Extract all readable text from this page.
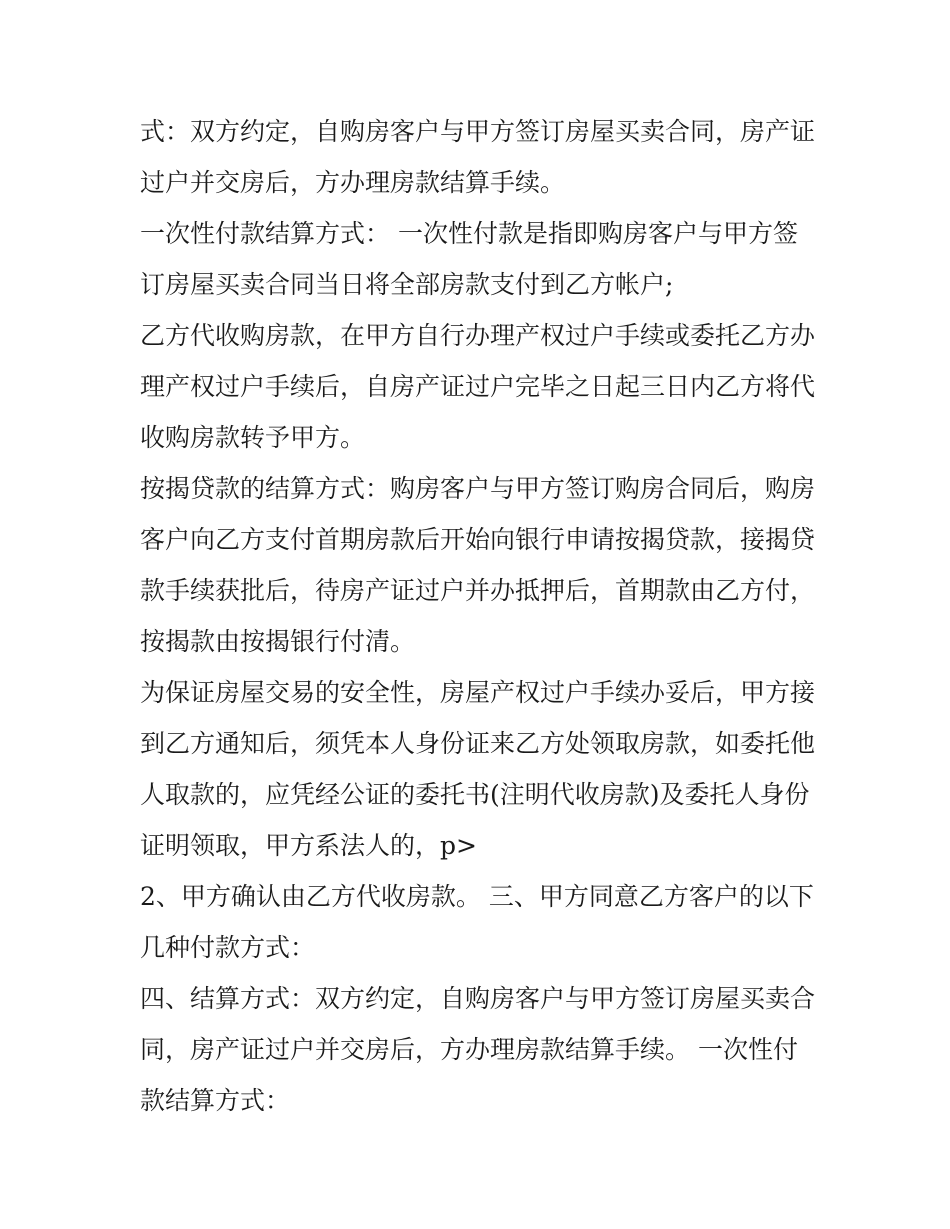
式：双方约定，自购房客户与甲方签订房屋买卖合同，房产证
过户并交房后，方办理房款结算手续。
一次性付款结算方式： 一次性付款是指即购房客户与甲方签
订房屋买卖合同当日将全部房款支付到乙方帐户;
乙方代收购房款，在甲方自行办理产权过户手续或委托乙方办
理产权过户手续后，自房产证过户完毕之日起三日内乙方将代
收购房款转予甲方。
按揭贷款的结算方式：购房客户与甲方签订购房合同后，购房
客户向乙方支付首期房款后开始向银行申请按揭贷款，接揭贷
款手续获批后，待房产证过户并办抵押后，首期款由乙方付，
按揭款由按揭银行付清。
为保证房屋交易的安全性，房屋产权过户手续办妥后，甲方接
到乙方通知后，须凭本人身份证来乙方处领取房款，如委托他
人取款的，应凭经公证的委托书(注明代收房款)及委托人身份
证明领取，甲方系法人的，p>
2、甲方确认由乙方代收房款。 三、甲方同意乙方客户的以下
几种付款方式：
四、结算方式：双方约定，自购房客户与甲方签订房屋买卖合
同，房产证过户并交房后，方办理房款结算手续。 一次性付
款结算方式：
